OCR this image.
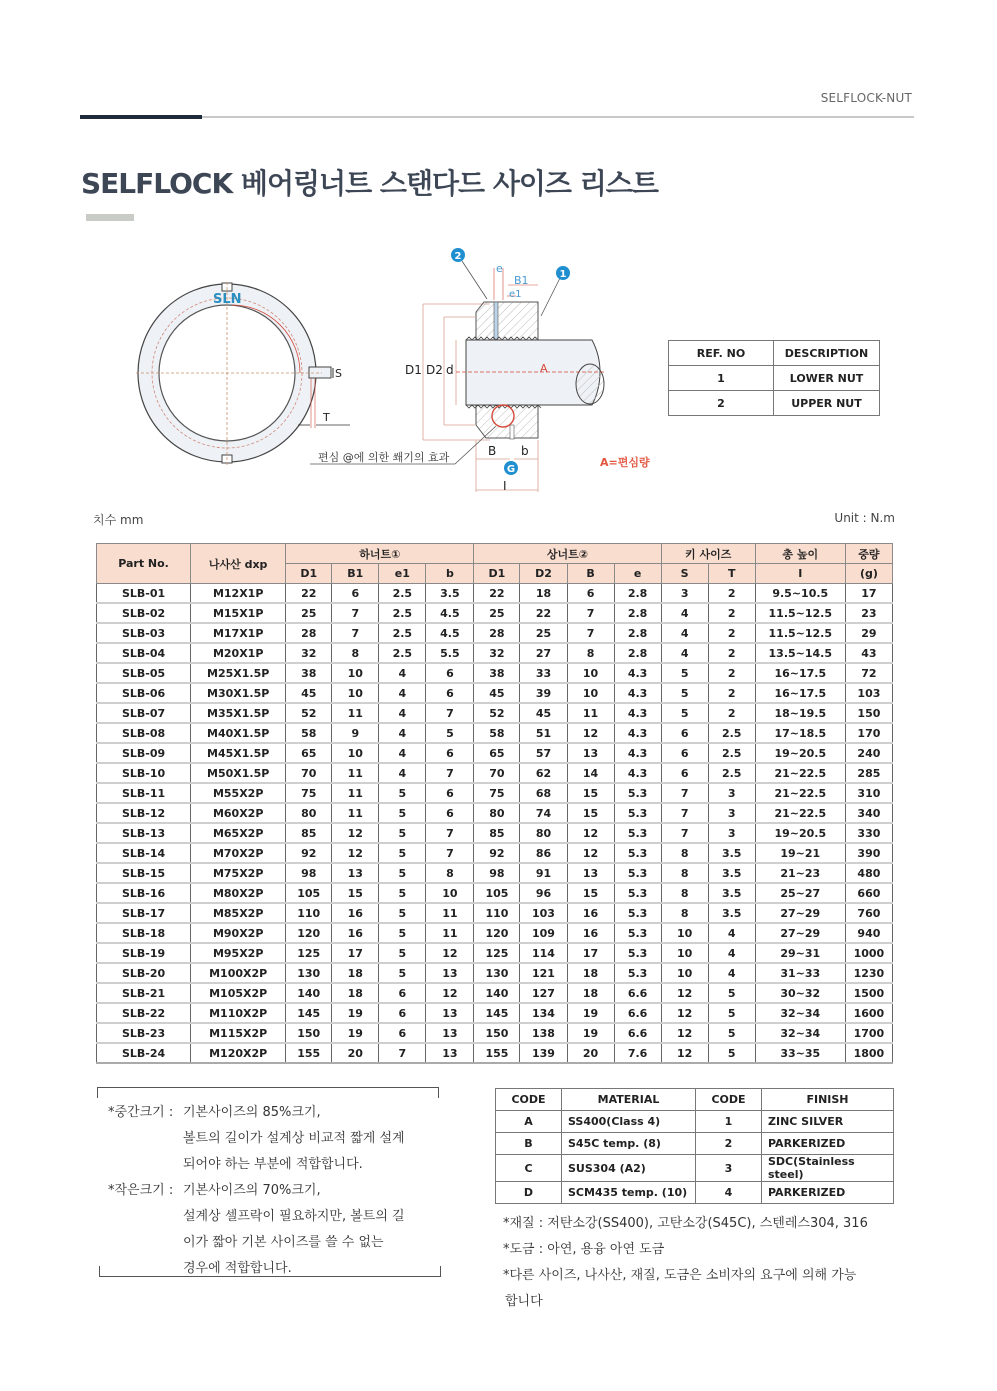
SELFLOCK-NUT
SELFLOCK 베어링너트 스탠다드 사이즈 리스트
SLN
S
T
D1 D2 d
e
B1
e1
A
B b
I
편심 @에 의한 쐐기의 효과	A=편심량
2
1
G
REF. NO	DESCRIPTION
1	LOWER NUT
2	UPPER NUT
치수 mm	Unit : N.m
Part No.	나사산 dxp	하너트①				상너트②				키 사이즈		총 높이	중량
		D1	B1	e1	b	D1	D2	B	e	S	T	I	(g)
SLB-01	M12X1P	22	6	2.5	3.5	22	18	6	2.8	3	2	9.5~10.5	17
SLB-02	M15X1P	25	7	2.5	4.5	25	22	7	2.8	4	2	11.5~12.5	23
SLB-03	M17X1P	28	7	2.5	4.5	28	25	7	2.8	4	2	11.5~12.5	29
SLB-04	M20X1P	32	8	2.5	5.5	32	27	8	2.8	4	2	13.5~14.5	43
SLB-05	M25X1.5P	38	10	4	6	38	33	10	4.3	5	2	16~17.5	72
SLB-06	M30X1.5P	45	10	4	6	45	39	10	4.3	5	2	16~17.5	103
SLB-07	M35X1.5P	52	11	4	7	52	45	11	4.3	5	2	18~19.5	150
SLB-08	M40X1.5P	58	9	4	5	58	51	12	4.3	6	2.5	17~18.5	170
SLB-09	M45X1.5P	65	10	4	6	65	57	13	4.3	6	2.5	19~20.5	240
SLB-10	M50X1.5P	70	11	4	7	70	62	14	4.3	6	2.5	21~22.5	285
SLB-11	M55X2P	75	11	5	6	75	68	15	5.3	7	3	21~22.5	310
SLB-12	M60X2P	80	11	5	6	80	74	15	5.3	7	3	21~22.5	340
SLB-13	M65X2P	85	12	5	7	85	80	12	5.3	7	3	19~20.5	330
SLB-14	M70X2P	92	12	5	7	92	86	12	5.3	8	3.5	19~21	390
SLB-15	M75X2P	98	13	5	8	98	91	13	5.3	8	3.5	21~23	480
SLB-16	M80X2P	105	15	5	10	105	96	15	5.3	8	3.5	25~27	660
SLB-17	M85X2P	110	16	5	11	110	103	16	5.3	8	3.5	27~29	760
SLB-18	M90X2P	120	16	5	11	120	109	16	5.3	10	4	27~29	940
SLB-19	M95X2P	125	17	5	12	125	114	17	5.3	10	4	29~31	1000
SLB-20	M100X2P	130	18	5	13	130	121	18	5.3	10	4	31~33	1230
SLB-21	M105X2P	140	18	6	12	140	127	18	6.6	12	5	30~32	1500
SLB-22	M110X2P	145	19	6	13	145	134	19	6.6	12	5	32~34	1600
SLB-23	M115X2P	150	19	6	13	150	138	19	6.6	12	5	32~34	1700
SLB-24	M120X2P	155	20	7	13	155	139	20	7.6	12	5	33~35	1800
*중간크기 : 기본사이즈의 85%크기,
볼트의 길이가 설계상 비교적 짧게 설계
되어야 하는 부분에 적합합니다.
*작은크기 : 기본사이즈의 70%크기,
설계상 셀프락이 필요하지만, 볼트의 길
이가 짧아 기본 사이즈를 쓸 수 없는
경우에 적합합니다.
CODE	MATERIAL	CODE	FINISH
A	SS400(Class 4)	1	ZINC SILVER
B	S45C temp. (8)	2	PARKERIZED
C	SUS304 (A2)	3	SDC(Stainless steel)
D	SCM435 temp. (10)	4	PARKERIZED
*재질 : 저탄소강(SS400), 고탄소강(S45C), 스텐레스304, 316
*도금 : 아연, 용융 아연 도금
*다른 사이즈, 나사산, 재질, 도금은 소비자의 요구에 의해 가능
합니다
